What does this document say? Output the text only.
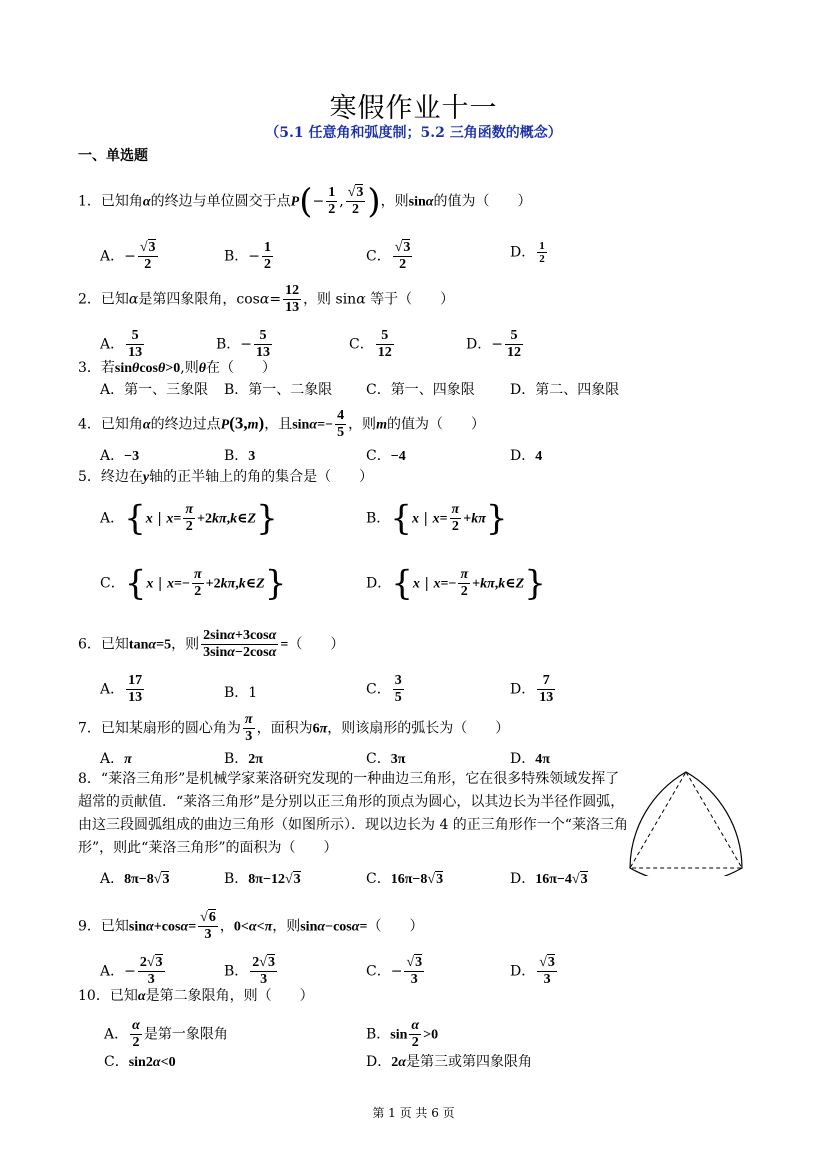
寒假作业十一
（5.1 任意角和弧度制；5.2 三角函数的概念）
一、单选题
1．已知角α的终边与单位圆交于点$P(- \frac{1}{2}$ , $\frac{√3}{2}$ )，则sinα的值为（　　）
A．− $\frac{√3}{2}$	B．− $\frac{1}{2}$	C． $\frac{√3}{2}$	D． $\frac{1}{2}$
2．已知α是第四象限角，$\cos\alpha= \frac{12}{13}$ ，则 sinα 等于（　　）
A． $\frac{5}{13}$	B．− $\frac{5}{13}$	C． $\frac{5}{12}$	D．− $\frac{5}{12}$
3．若sinθcosθ>0,则θ在（　　）
A．第一、三象限 B．第一、二象限 C．第一、四象限	D．第二、四象限
4．已知角α的终边过点P(3,m)，且$\sin\alpha=- \frac{4}{5}$ ，则m的值为（　　）
A．−3	B．3	C．−4	D．4
5．终边在y轴的正半轴上的角的集合是（　　）
A．{x | $x= \frac{\pi}{2}$ +2kπ,k∈Z}	B．{x | $x= \frac{\pi}{2} +k\pi$}
C．{x | $x=- \frac{\pi}{2}$ +2kπ,k∈Z}	D．{x | $x=- \frac{\pi}{2}$ +kπ,k∈Z}
6．已知tanα=5，则 $\frac{2\sin\alpha+3\cos\alpha}{3\sin\alpha-2\cos\alpha}$ =（　　）
A． $\frac{17}{13}$	B．1	C． $\frac{3}{5}$	D． $\frac{7}{13}$
7．已知某扇形的圆心角为 $\frac{\pi}{3}$ ，面积为6π，则该扇形的弧长为（　　）
A．π	B．2π	C．3π	D．4π
8．“莱洛三角形”是机械学家莱洛研究发现的一种曲边三角形，它在很多特殊领域发挥了超常的贡献值．“莱洛三角形”是分别以正三角形的顶点为圆心，以其边长为半径作圆弧，由这三段圆弧组成的曲边三角形（如图所示）．现以边长为 4 的正三角形作一个“莱洛三角形”，则此“莱洛三角形”的面积为（　　）
A．8π−8√3	B．8π−12√3	C．16π−8√3	D．16π−4√3
9．已知$\sin\alpha+\cos\alpha= \frac{√6}{3}$ ，0<α<π，则sinα−cosα=（　　）
A．− $\frac{2√3}{3}$	B． $\frac{2√3}{3}$	C．− $\frac{√3}{3}$	D． $\frac{√3}{3}$
10．已知α是第二象限角，则（　　）
A． $\frac{\alpha}{2}$ 是第一象限角	B．$\sin \frac{\alpha}{2} >0$
C．sin2α<0	D．2α是第三或第四象限角
第 1 页 共 6 页
